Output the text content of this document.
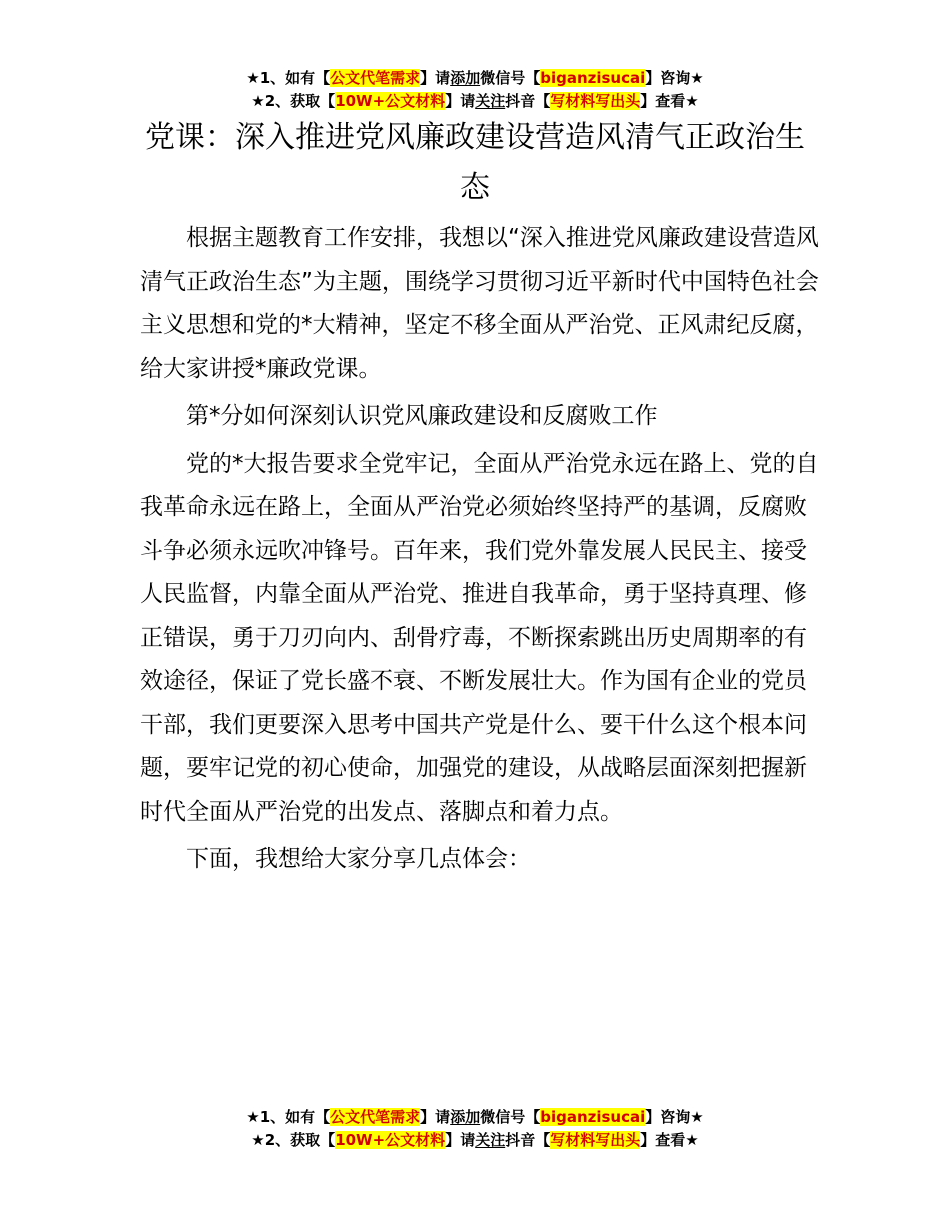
★1、如有【公文代笔需求】请添加微信号【biganzisucai】咨询★
★2、获取【10W+公文材料】请关注抖音【写材料写出头】查看★
党课：深入推进党风廉政建设营造风清气正政治生态

根据主题教育工作安排，我想以“深入推进党风廉政建设营造风清气正政治生态”为主题，围绕学习贯彻习近平新时代中国特色社会主义思想和党的*大精神，坚定不移全面从严治党、正风肃纪反腐，给大家讲授*廉政党课。

第*分如何深刻认识党风廉政建设和反腐败工作

党的*大报告要求全党牢记，全面从严治党永远在路上、党的自我革命永远在路上，全面从严治党必须始终坚持严的基调，反腐败斗争必须永远吹冲锋号。百年来，我们党外靠发展人民民主、接受人民监督，内靠全面从严治党、推进自我革命，勇于坚持真理、修正错误，勇于刀刃向内、刮骨疗毒，不断探索跳出历史周期率的有效途径，保证了党长盛不衰、不断发展壮大。作为国有企业的党员干部，我们更要深入思考中国共产党是什么、要干什么这个根本问题，要牢记党的初心使命，加强党的建设，从战略层面深刻把握新时代全面从严治党的出发点、落脚点和着力点。

下面，我想给大家分享几点体会：

★1、如有【公文代笔需求】请添加微信号【biganzisucai】咨询★
★2、获取【10W+公文材料】请关注抖音【写材料写出头】查看★
